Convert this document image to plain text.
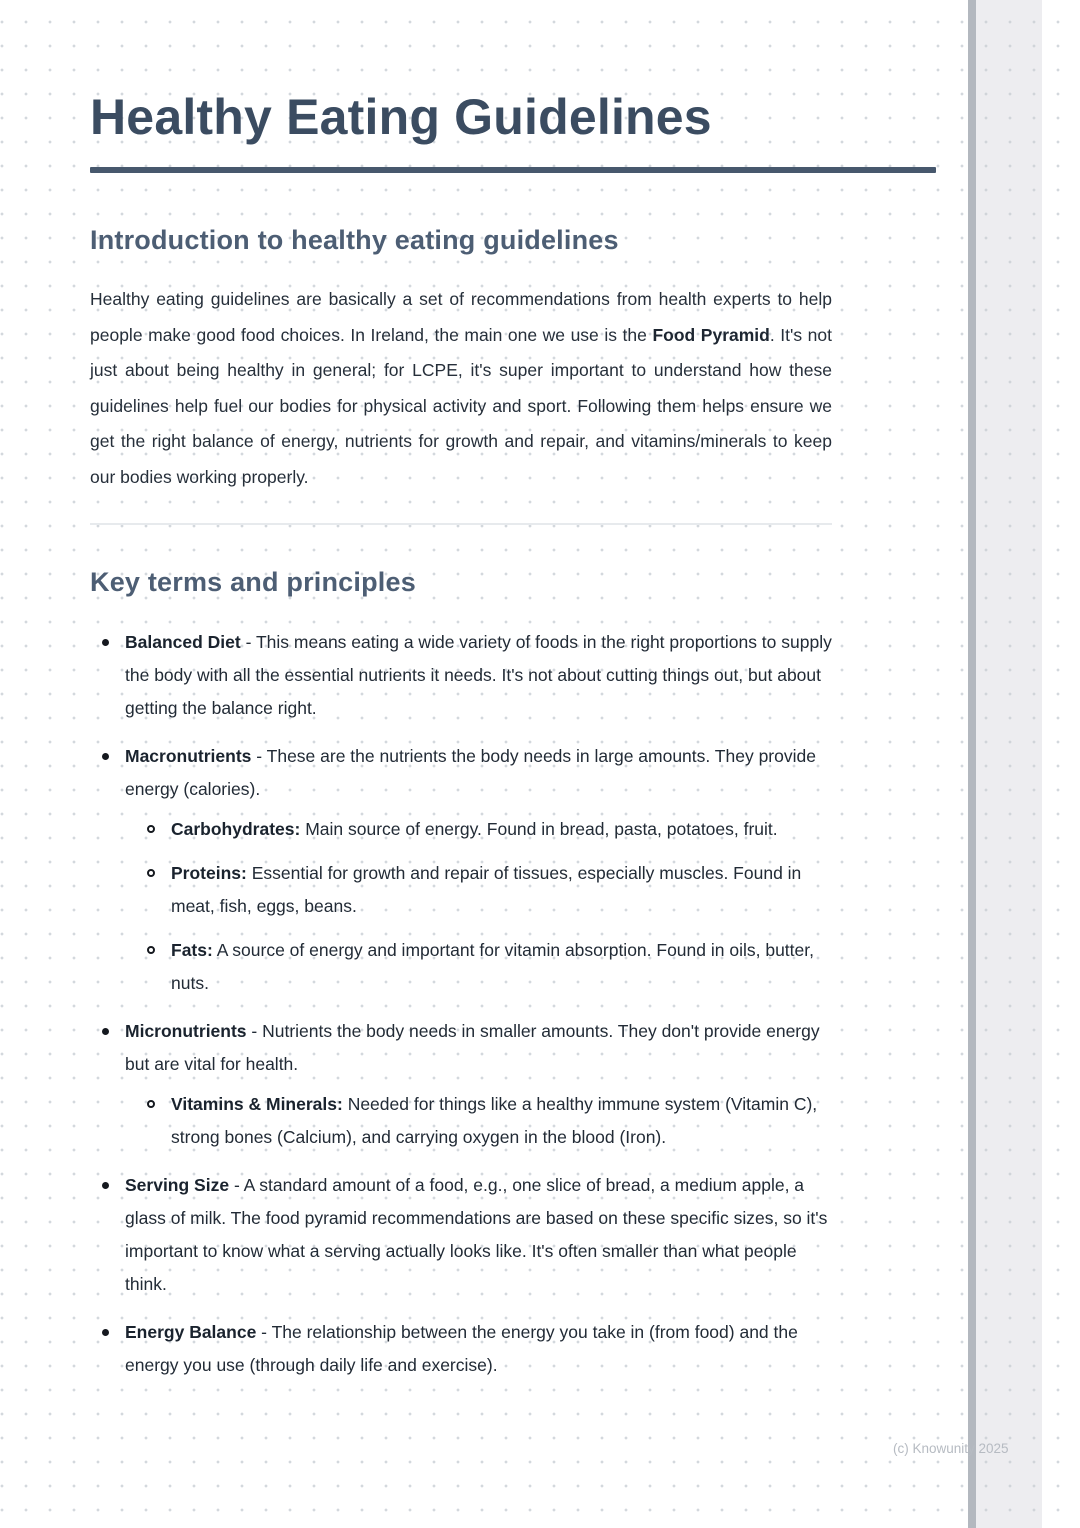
Healthy Eating Guidelines
Introduction to healthy eating guidelines

Healthy eating guidelines are basically a set of recommendations from health experts to help people make good food choices. In Ireland, the main one we use is the Food Pyramid. It's not just about being healthy in general; for LCPE, it's super important to understand how these guidelines help fuel our bodies for physical activity and sport. Following them helps ensure we get the right balance of energy, nutrients for growth and repair, and vitamins/minerals to keep our bodies working properly.

Key terms and principles
Balanced Diet - This means eating a wide variety of foods in the right proportions to supply the body with all the essential nutrients it needs. It's not about cutting things out, but about getting the balance right.
Macronutrients - These are the nutrients the body needs in large amounts. They provide energy (calories).
Carbohydrates: Main source of energy. Found in bread, pasta, potatoes, fruit.
Proteins: Essential for growth and repair of tissues, especially muscles. Found in meat, fish, eggs, beans.
Fats: A source of energy and important for vitamin absorption. Found in oils, butter, nuts.
Micronutrients - Nutrients the body needs in smaller amounts. They don't provide energy but are vital for health.
Vitamins & Minerals: Needed for things like a healthy immune system (Vitamin C), strong bones (Calcium), and carrying oxygen in the blood (Iron).
Serving Size - A standard amount of a food, e.g., one slice of bread, a medium apple, a glass of milk. The food pyramid recommendations are based on these specific sizes, so it's important to know what a serving actually looks like. It's often smaller than what people think.
Energy Balance - The relationship between the energy you take in (from food) and the energy you use (through daily life and exercise).
(c) Knowunity 2025
